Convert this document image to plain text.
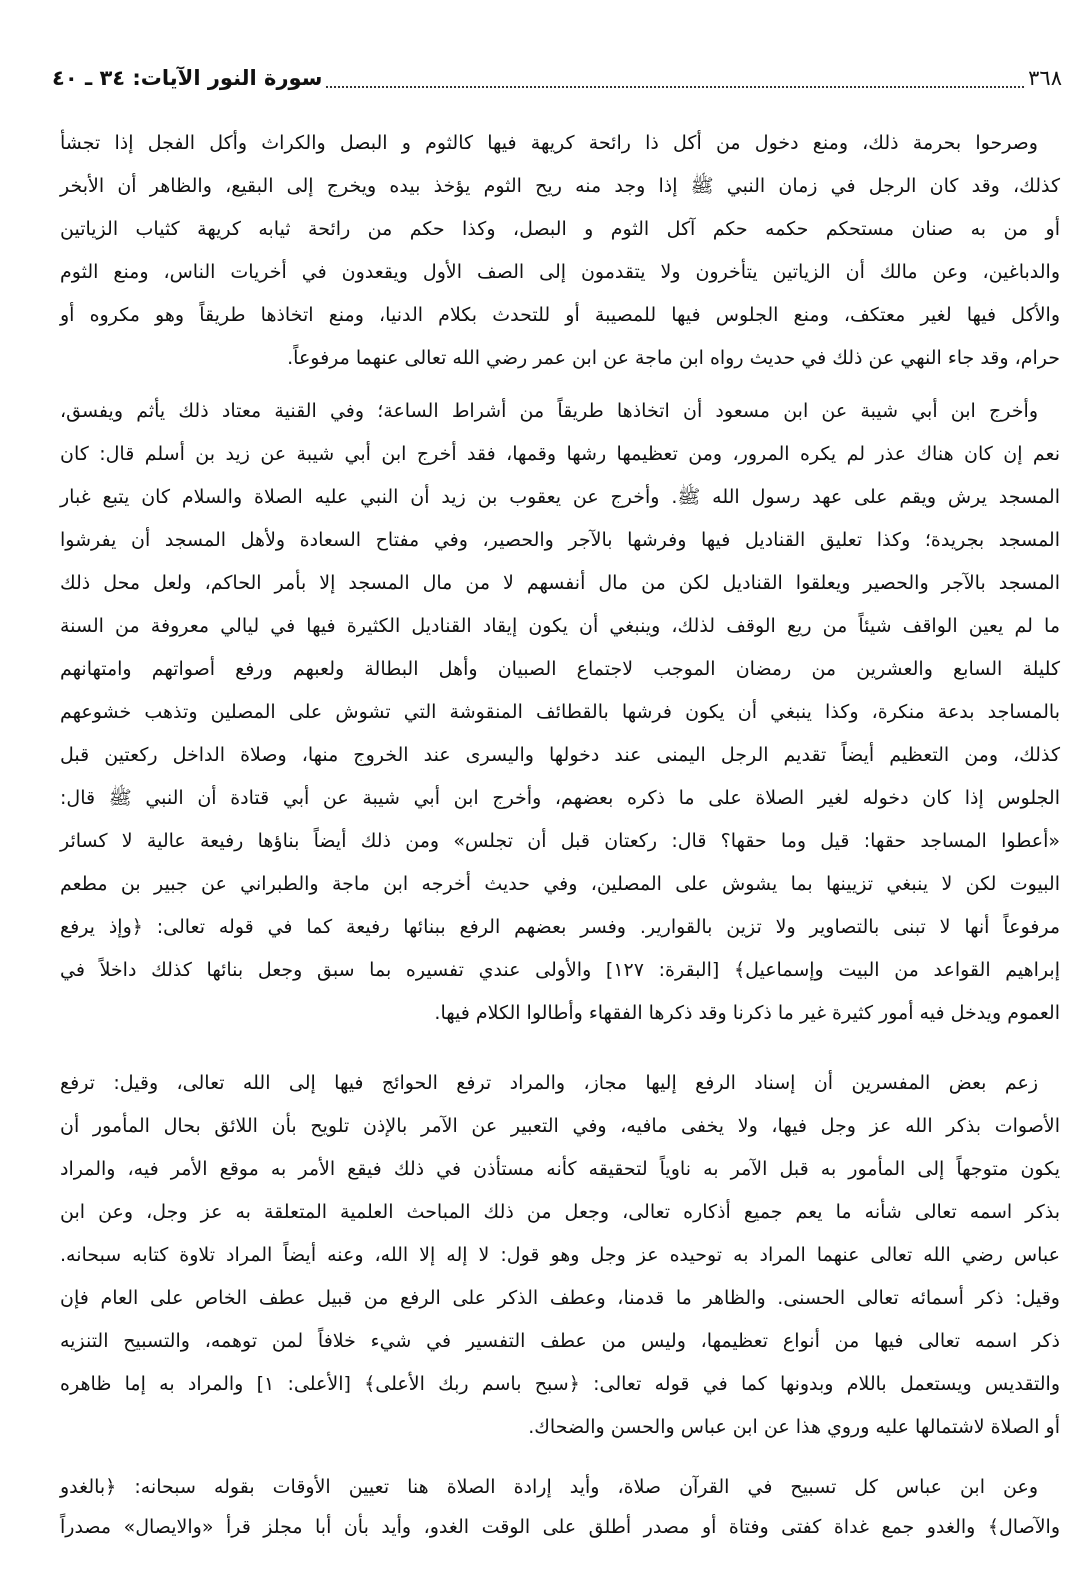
٣٦٨
سورة النور الآيات: ٣٤ ـ ٤٠
وصرحوا بحرمة ذلك، ومنع دخول من أكل ذا رائحة كريهة فيها كالثوم و البصل والكراث وأكل الفجل إذا تجشأ
كذلك، وقد كان الرجل في زمان النبي ﷺ إذا وجد منه ريح الثوم يؤخذ بيده ويخرج إلى البقيع، والظاهر أن الأبخر
أو من به صنان مستحكم حكمه حكم آكل الثوم و البصل، وكذا حكم من رائحة ثيابه كريهة كثياب الزياتين
والدباغين، وعن مالك أن الزياتين يتأخرون ولا يتقدمون إلى الصف الأول ويقعدون في أخريات الناس، ومنع الثوم
والأكل فيها لغير معتكف، ومنع الجلوس فيها للمصيبة أو للتحدث بكلام الدنيا، ومنع اتخاذها طريقاً وهو مكروه أو
حرام، وقد جاء النهي عن ذلك في حديث رواه ابن ماجة عن ابن عمر رضي الله تعالى عنهما مرفوعاً.
وأخرج ابن أبي شيبة عن ابن مسعود أن اتخاذها طريقاً من أشراط الساعة؛ وفي القنية معتاد ذلك يأثم ويفسق،
نعم إن كان هناك عذر لم يكره المرور، ومن تعظيمها رشها وقمها، فقد أخرج ابن أبي شيبة عن زيد بن أسلم قال: كان
المسجد يرش ويقم على عهد رسول الله ﷺ. وأخرج عن يعقوب بن زيد أن النبي عليه الصلاة والسلام كان يتبع غبار
المسجد بجريدة؛ وكذا تعليق القناديل فيها وفرشها بالآجر والحصير، وفي مفتاح السعادة ولأهل المسجد أن يفرشوا
المسجد بالآجر والحصير ويعلقوا القناديل لكن من مال أنفسهم لا من مال المسجد إلا بأمر الحاكم، ولعل محل ذلك
ما لم يعين الواقف شيئاً من ريع الوقف لذلك، وينبغي أن يكون إيقاد القناديل الكثيرة فيها في ليالي معروفة من السنة
كليلة السابع والعشرين من رمضان الموجب لاجتماع الصبيان وأهل البطالة ولعبهم ورفع أصواتهم وامتهانهم
بالمساجد بدعة منكرة، وكذا ينبغي أن يكون فرشها بالقطائف المنقوشة التي تشوش على المصلين وتذهب خشوعهم
كذلك، ومن التعظيم أيضاً تقديم الرجل اليمنى عند دخولها واليسرى عند الخروج منها، وصلاة الداخل ركعتين قبل
الجلوس إذا كان دخوله لغير الصلاة على ما ذكره بعضهم، وأخرج ابن أبي شيبة عن أبي قتادة أن النبي ﷺ قال:
«أعطوا المساجد حقها: قيل وما حقها؟ قال: ركعتان قبل أن تجلس» ومن ذلك أيضاً بناؤها رفيعة عالية لا كسائر
البيوت لكن لا ينبغي تزيينها بما يشوش على المصلين، وفي حديث أخرجه ابن ماجة والطبراني عن جبير بن مطعم
مرفوعاً أنها لا تبنى بالتصاوير ولا تزين بالقوارير. وفسر بعضهم الرفع ببنائها رفيعة كما في قوله تعالى: ﴿وإذ يرفع
إبراهيم القواعد من البيت وإسماعيل﴾ [البقرة: ١٢٧] والأولى عندي تفسيره بما سبق وجعل بنائها كذلك داخلاً في
العموم ويدخل فيه أمور كثيرة غير ما ذكرنا وقد ذكرها الفقهاء وأطالوا الكلام فيها.
زعم بعض المفسرين أن إسناد الرفع إليها مجاز، والمراد ترفع الحوائج فيها إلى الله تعالى، وقيل: ترفع
الأصوات بذكر الله عز وجل فيها، ولا يخفى مافيه، وفي التعبير عن الآمر بالإذن تلويح بأن اللائق بحال المأمور أن
يكون متوجهاً إلى المأمور به قبل الآمر به ناوياً لتحقيقه كأنه مستأذن في ذلك فيقع الأمر به موقع الأمر فيه، والمراد
بذكر اسمه تعالى شأنه ما يعم جميع أذكاره تعالى، وجعل من ذلك المباحث العلمية المتعلقة به عز وجل، وعن ابن
عباس رضي الله تعالى عنهما المراد به توحيده عز وجل وهو قول: لا إله إلا الله، وعنه أيضاً المراد تلاوة كتابه سبحانه.
وقيل: ذكر أسمائه تعالى الحسنى. والظاهر ما قدمنا، وعطف الذكر على الرفع من قبيل عطف الخاص على العام فإن
ذكر اسمه تعالى فيها من أنواع تعظيمها، وليس من عطف التفسير في شيء خلافاً لمن توهمه، والتسبيح التنزيه
والتقديس ويستعمل باللام وبدونها كما في قوله تعالى: ﴿سبح باسم ربك الأعلى﴾ [الأعلى: ١] والمراد به إما ظاهره
أو الصلاة لاشتمالها عليه وروي هذا عن ابن عباس والحسن والضحاك.
وعن ابن عباس كل تسبيح في القرآن صلاة، وأيد إرادة الصلاة هنا تعيين الأوقات بقوله سبحانه: ﴿بالغدو
والآصال﴾ والغدو جمع غداة كفتى وفتاة أو مصدر أطلق على الوقت الغدو، وأيد بأن أبا مجلز قرأ «والايصال» مصدراً
